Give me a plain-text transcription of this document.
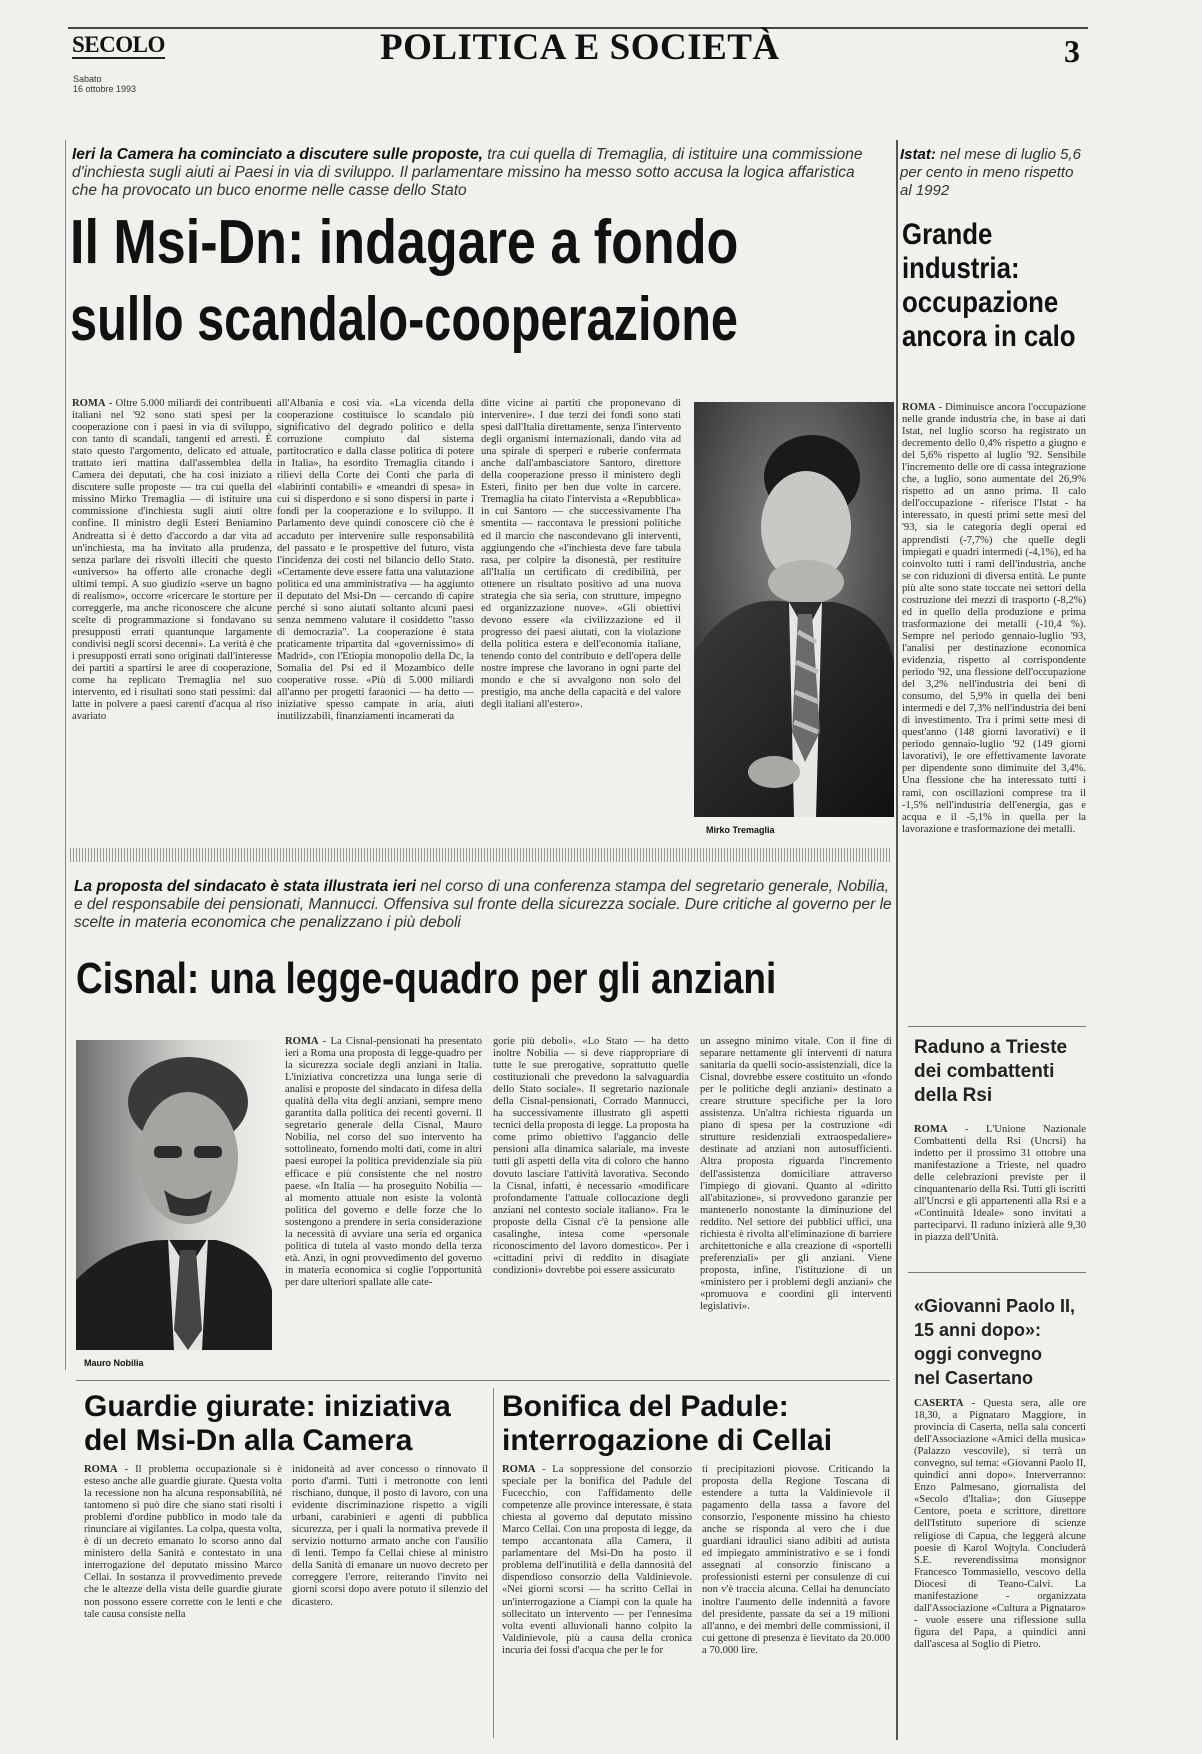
SECOLO
Sabato
16 ottobre 1993
POLITICA E SOCIETÀ	3
Ieri la Camera ha cominciato a discutere sulle proposte, tra cui quella di Tremaglia, di istituire una commissione d'inchiesta sugli aiuti ai Paesi in via di sviluppo. Il parlamentare missino ha messo sotto accusa la logica affaristica che ha provocato un buco enorme nelle casse dello Stato
Il Msi-Dn: indagare a fondo
sullo scandalo-cooperazione
ROMA - Oltre 5.000 miliardi dei contribuenti italiani nel '92 sono stati spesi per la cooperazione con i paesi in via di sviluppo, con tanto di scandali, tangenti ed arresti. È stato questo l'argomento, delicato ed attuale, trattato ieri mattina dall'assemblea della Camera dei deputati, che ha cosi iniziato a discutere sulle proposte — tra cui quella del missino Mirko Tremaglia — di istituire una commissione d'inchiesta sugli aiuti oltre confine. Il ministro degli Esteri Beniamino Andreatta si è detto d'accordo a dar vita ad un'inchiesta, ma ha invitato alla prudenza, senza parlare dei risvolti illeciti che questo «universo» ha offerto alle cronache degli ultimi tempi. A suo giudizio «serve un bagno di realismo», occorre «ricercare le storture per correggerle, ma anche riconoscere che alcune scelte di programmazione si fondavano su presupposti errati quantunque largamente condivisi negli scorsi decenni». La verità è che i presupposti errati sono originati dall'interesse dei partiti a spartirsi le aree di cooperazione, come ha replicato Tremaglia nel suo intervento, ed i risultati sono stati pessimi: dal latte in polvere a paesi carenti d'acqua al riso avariato
all'Albania e così via. «La vicenda della cooperazione costituisce lo scandalo più significativo del degrado politico e della corruzione compiuto dal sistema partitocratico e dalla classe politica di potere in Italia», ha esordito Tremaglia citando i rilievi della Corte dei Conti che parla di «labirinti contabili» e «meandri di spesa» in cui si disperdono e si sono dispersi in parte i fondi per la cooperazione e lo sviluppo. Il Parlamento deve quindi conoscere ciò che è accaduto per intervenire sulle responsabilità del passato e le prospettive del futuro, vista l'incidenza dei costi nel bilancio dello Stato. «Certamente deve essere fatta una valutazione politica ed una amministrativa — ha aggiunto il deputato del Msi-Dn — cercando di capire perché si sono aiutati soltanto alcuni paesi senza nemmeno valutare il cosiddetto "tasso di democrazia". La cooperazione è stata praticamente tripartita dal «governissimo» di Madrid», con l'Etiopia monopolio della Dc, la Somalia del Psi ed il Mozambico delle cooperative rosse. «Più di 5.000 miliardi all'anno per progetti faraonici — ha detto — iniziative spesso campate in aria, aiuti inutilizzabili, finanziamenti incamerati da
ditte vicine ai partiti che proponevano di intervenire». I due terzi dei fondi sono stati spesi dall'Italia direttamente, senza l'intervento degli organismi internazionali, dando vita ad una spirale di sperperi e ruberie confermata anche dall'ambasciatore Santoro, direttore della cooperazione presso il ministero degli Esteri, finito per ben due volte in carcere. Tremaglia ha citato l'intervista a «Repubblica» in cui Santoro — che successivamente l'ha smentita — raccontava le pressioni politiche ed il marcio che nascondevano gli interventi, aggiungendo che «l'inchiesta deve fare tabula rasa, per colpire la disonestà, per restituire all'Italia un certificato di credibilità, per ottenere un risultato positivo ad una nuova strategia che sia seria, con strutture, impegno ed organizzazione nuove». «Gli obiettivi devono essere «la civilizzazione ed il progresso dei paesi aiutati, con la violazione della politica estera e dell'economia italiane, tenendo conto del contributo e dell'opera delle nostre imprese che lavorano in ogni parte del mondo e che si avvalgono non solo del prestigio, ma anche della capacità e del valore degli italiani all'estero».
Mirko Tremaglia
Istat: nel mese di luglio 5,6 per cento in meno rispetto al 1992
Grande
industria:
occupazione
ancora in calo
ROMA - Diminuisce ancora l'occupazione nelle grande industria che, in base ai dati Istat, nel luglio scorso ha registrato un decremento dello 0,4% rispetto a giugno e del 5,6% rispetto al luglio '92. Sensibile l'incremento delle ore di cassa integrazione che, a luglio, sono aumentate del 26,9% rispetto ad un anno prima. Il calo dell'occupazione - riferisce l'Istat - ha interessato, in questi primi sette mesi del '93, sia le categoria degli operai ed apprendisti (-7,7%) che quelle degli impiegati e quadri intermedi (-4,1%), ed ha coinvolto tutti i rami dell'industria, anche se con riduzioni di diversa entità. Le punte più alte sono state toccate nei settori della costruzione dei mezzi di trasporto (-8,2%) ed in quello della produzione e prima trasformazione dei metalli (-10,4 %). Sempre nel periodo gennaio-luglio '93, l'analisi per destinazione economica evidenzia, rispetto al corrispondente periodo '92, una flessione dell'occupazione del 3,2% nell'industria dei beni di consumo, del 5,9% in quella dei beni intermedi e del 7,3% nell'industria dei beni di investimento. Tra i primi sette mesi di quest'anno (148 giorni lavorativi) e il periodo gennaio-luglio '92 (149 giorni lavorativi), le ore effettivamente lavorate per dipendente sono diminuite del 3,4%. Una flessione che ha interessato tutti i rami, con oscillazioni comprese tra il -1,5% nell'industria dell'energia, gas e acqua e il -5,1% in quella per la lavorazione e trasformazione dei metalli.
La proposta del sindacato è stata illustrata ieri nel corso di una conferenza stampa del segretario generale, Nobilia, e del responsabile dei pensionati, Mannucci. Offensiva sul fronte della sicurezza sociale. Dure critiche al governo per le scelte in materia economica che penalizzano i più deboli
Cisnal: una legge-quadro per gli anziani
Mauro Nobilia
ROMA - La Cisnal-pensionati ha presentato ieri a Roma una proposta di legge-quadro per la sicurezza sociale degli anziani in Italia. L'iniziativa concretizza una lunga serie di analisi e proposte del sindacato in difesa della qualità della vita degli anziani, sempre meno garantita dalla politica dei recenti governi. Il segretario generale della Cisnal, Mauro Nobilia, nel corso del suo intervento ha sottolineato, fornendo molti dati, come in altri paesi europei la politica previdenziale sia più efficace e più consistente che nel nostro paese. «In Italia — ha proseguito Nobilia — al momento attuale non esiste la volontà politica del governo e delle forze che lo sostengono a prendere in seria considerazione la necessità di avviare una seria ed organica politica di tutela al vasto mondo della terza età. Anzi, in ogni provvedimento del governo in materia economica si coglie l'opportunità per dare ulteriori spallate alle cate-
gorie più deboli». «Lo Stato — ha detto inoltre Nobilia — si deve riappropriare di tutte le sue prerogative, soprattutto quelle costituzionali che prevedono la salvaguardia dello Stato sociale». Il segretario nazionale della Cisnal-pensionati, Corrado Mannucci, ha successivamente illustrato gli aspetti tecnici della proposta di legge. La proposta ha come primo obiettivo l'aggancio delle pensioni alla dinamica salariale, ma investe tutti gli aspetti della vita di coloro che hanno dovuto lasciare l'attività lavorativa. Secondo la Cisnal, infatti, è necessario «modificare profondamente l'attuale collocazione degli anziani nel contesto sociale italiano». Fra le proposte della Cisnal c'è la pensione alle casalinghe, intesa come «personale riconoscimento del lavoro domestico». Per i «cittadini privi di reddito in disagiate condizioni» dovrebbe poi essere assicurato
un assegno minimo vitale. Con il fine di separare nettamente gli interventi di natura sanitaria da quelli socio-assistenziali, dice la Cisnal, dovrebbe essere costituito un «fondo per le politiche degli anziani» destinato a creare strutture specifiche per la loro assistenza. Un'altra richiesta riguarda un piano di spesa per la costruzione «di strutture residenziali extraospedaliere» destinate ad anziani non autosufficienti. Altra proposta riguarda l'incremento dell'assistenza domiciliare attraverso l'impiego di giovani. Quanto al «diritto all'abitazione», si provvedono garanzie per mantenerlo nonostante la diminuzione del reddito. Nel settore dei pubblici uffici, una richiesta è rivolta all'eliminazione di barriere architettoniche e alla creazione di «sportelli preferenziali» per gli anziani. Viene proposta, infine, l'istituzione di un «ministero per i problemi degli anziani» che «promuova e coordini gli interventi legislativi».
Raduno a Trieste
dei combattenti
della Rsi
ROMA - L'Unione Nazionale Combattenti della Rsi (Uncrsi) ha indetto per il prossimo 31 ottobre una manifestazione a Trieste, nel quadro delle celebrazioni previste per il cinquantenario della Rsi. Tutti gli iscritti all'Uncrsi e gli appartenenti alla Rsi e a «Continuità Ideale» sono invitati a parteciparvi. Il raduno inizierà alle 9,30 in piazza dell'Unità.
«Giovanni Paolo II,
15 anni dopo»:
oggi convegno
nel Casertano
CASERTA - Questa sera, alle ore 18,30, a Pignataro Maggiore, in provincia di Caserta, nella sala concerti dell'Associazione «Amici della musica» (Palazzo vescovile), si terrà un convegno, sul tema: «Giovanni Paolo II, quindici anni dopo». Interverranno: Enzo Palmesano, giornalista del «Secolo d'Italia»; don Giuseppe Centore, poeta e scrittore, direttore dell'Istituto superiore di scienze religiose di Capua, che leggerà alcune poesie di Karol Wojtyla. Concluderà S.E. reverendissima monsignor Francesco Tommasiello, vescovo della Diocesi di Teano-Calvi. La manifestazione - organizzata dall'Associazione «Cultura a Pignataro» - vuole essere una riflessione sulla figura del Papa, a quindici anni dall'ascesa al Soglio di Pietro.
Guardie giurate: iniziativa
del Msi-Dn alla Camera
ROMA - Il problema occupazionale si è esteso anche alle guardie giurate. Questa volta la recessione non ha alcuna responsabilità, né tantomeno si può dire che siano stati risolti i problemi d'ordine pubblico in modo tale da rinunciare ai vigilantes. La colpa, questa volta, è di un decreto emanato lo scorso anno dal ministero della Sanità e contestato in una interrogazione del deputato missino Marco Cellai. In sostanza il provvedimento prevede che le altezze della vista delle guardie giurate non possono essere corrette con le lenti e che tale causa consiste nella
inidoneità ad aver concesso o rinnovato il porto d'armi. Tutti i metronotte con lenti rischiano, dunque, il posto di lavoro, con una evidente discriminazione rispetto a vigili urbani, carabinieri e agenti di pubblica sicurezza, per i quali la normativa prevede il servizio notturno armato anche con l'ausilio di lenti. Tempo fa Cellai chiese al ministro della Sanità di emanare un nuovo decreto per correggere l'errore, reiterando l'invito nei giorni scorsi dopo avere potuto il silenzio del dicastero.
Bonifica del Padule:
interrogazione di Cellai
ROMA - La soppressione del consorzio speciale per la bonifica del Padule del Fucecchio, con l'affidamento delle competenze alle province interessate, è stata chiesta al governo dal deputato missino Marco Cellai. Con una proposta di legge, da tempo accantonata alla Camera, il parlamentare del Msi-Dn ha posto il problema dell'inutilità e della dannosità del dispendioso consorzio della Valdinievole. «Nei giorni scorsi — ha scritto Cellai in un'interrogazione a Ciampi con la quale ha sollecitato un intervento — per l'ennesima volta eventi alluvionali hanno colpito la Valdinievole, più a causa della cronica incuria dei fossi d'acqua che per le for
ti precipitazioni piovose. Criticando la proposta della Regione Toscana di estendere a tutta la Valdinievole il pagamento della tassa a favore del consorzio, l'esponente missino ha chiesto anche se risponda al vero che i due guardiani idraulici siano adibiti ad autista ed impiegato amministrativo e se i fondi assegnati al consorzio finiscano a professionisti esterni per consulenze di cui non v'è traccia alcuna. Cellai ha denunciato inoltre l'aumento delle indennità a favore del presidente, passate da sei a 19 milioni all'anno, e dei membri delle commissioni, il cui gettone di presenza è lievitato da 20.000 a 70.000 lire.
